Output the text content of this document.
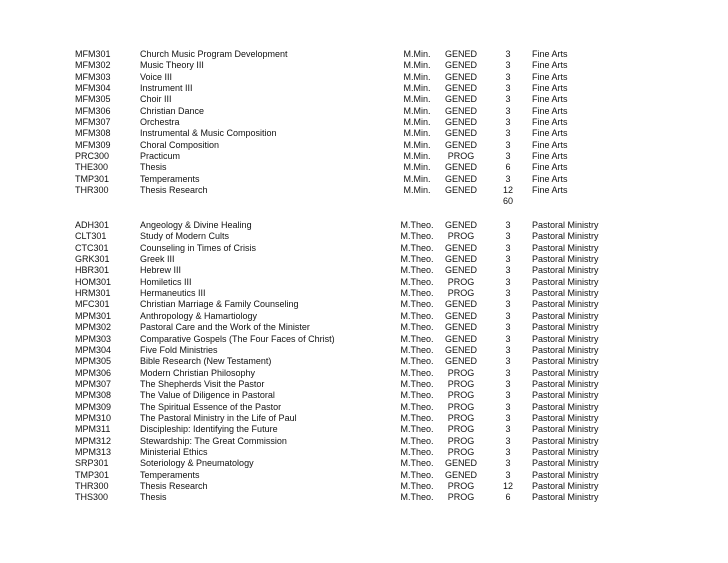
MFM301	Church Music Program Development	M.Min.	GENED	3	Fine Arts
MFM302	Music Theory III	M.Min.	GENED	3	Fine Arts
MFM303	Voice III	M.Min.	GENED	3	Fine Arts
MFM304	Instrument III	M.Min.	GENED	3	Fine Arts
MFM305	Choir III	M.Min.	GENED	3	Fine Arts
MFM306	Christian Dance	M.Min.	GENED	3	Fine Arts
MFM307	Orchestra	M.Min.	GENED	3	Fine Arts
MFM308	Instrumental & Music Composition	M.Min.	GENED	3	Fine Arts
MFM309	Choral Composition	M.Min.	GENED	3	Fine Arts
PRC300	Practicum	M.Min.	PROG	3	Fine Arts
THE300	Thesis	M.Min.	GENED	6	Fine Arts
TMP301	Temperaments	M.Min.	GENED	3	Fine Arts
THR300	Thesis Research	M.Min.	GENED	12	Fine Arts
60
ADH301	Angeology & Divine Healing	M.Theo.	GENED	3	Pastoral Ministry
CLT301	Study of Modern Cults	M.Theo.	PROG	3	Pastoral Ministry
CTC301	Counseling in Times of Crisis	M.Theo.	GENED	3	Pastoral Ministry
GRK301	Greek III	M.Theo.	GENED	3	Pastoral Ministry
HBR301	Hebrew III	M.Theo.	GENED	3	Pastoral Ministry
HOM301	Homiletics III	M.Theo.	PROG	3	Pastoral Ministry
HRM301	Hermaneutics III	M.Theo.	PROG	3	Pastoral Ministry
MFC301	Christian Marriage & Family Counseling	M.Theo.	GENED	3	Pastoral Ministry
MPM301	Anthropology & Hamartiology	M.Theo.	GENED	3	Pastoral Ministry
MPM302	Pastoral Care and the Work of the Minister	M.Theo.	GENED	3	Pastoral Ministry
MPM303	Comparative Gospels (The Four Faces of Christ)	M.Theo.	GENED	3	Pastoral Ministry
MPM304	Five Fold Ministries	M.Theo.	GENED	3	Pastoral Ministry
MPM305	Bible Research (New Testament)	M.Theo.	GENED	3	Pastoral Ministry
MPM306	Modern Christian Philosophy	M.Theo.	PROG	3	Pastoral Ministry
MPM307	The Shepherds Visit the Pastor	M.Theo.	PROG	3	Pastoral Ministry
MPM308	The Value of Diligence in Pastoral	M.Theo.	PROG	3	Pastoral Ministry
MPM309	The Spiritual Essence of the Pastor	M.Theo.	PROG	3	Pastoral Ministry
MPM310	The Pastoral Ministry in the Life of Paul	M.Theo.	PROG	3	Pastoral Ministry
MPM311	Discipleship: Identifying the Future	M.Theo.	PROG	3	Pastoral Ministry
MPM312	Stewardship: The Great Commission	M.Theo.	PROG	3	Pastoral Ministry
MPM313	Ministerial Ethics	M.Theo.	PROG	3	Pastoral Ministry
SRP301	Soteriology & Pneumatology	M.Theo.	GENED	3	Pastoral Ministry
TMP301	Temperaments	M.Theo.	GENED	3	Pastoral Ministry
THR300	Thesis Research	M.Theo.	PROG	12	Pastoral Ministry
THS300	Thesis	M.Theo.	PROG	6	Pastoral Ministry
